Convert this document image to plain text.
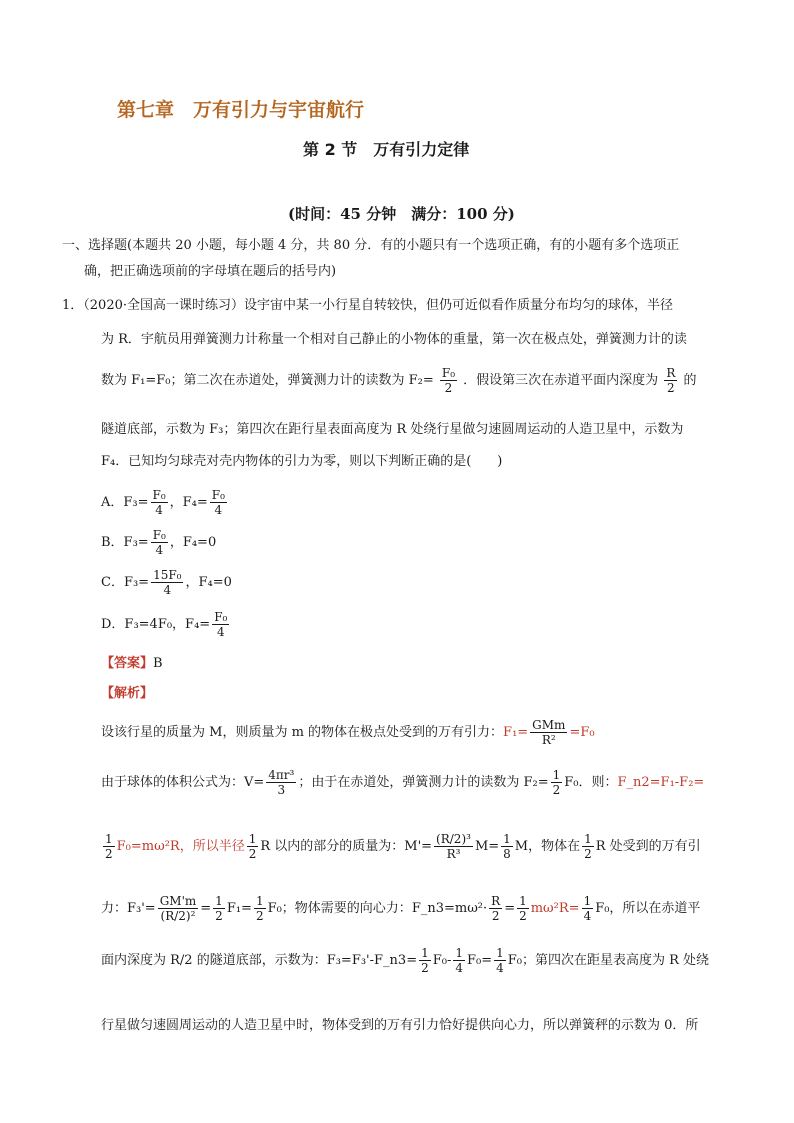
第七章　万有引力与宇宙航行
第 2 节　万有引力定律
(时间：45 分钟　满分：100 分)
一、选择题(本题共 20 小题，每小题 4 分，共 80 分．有的小题只有一个选项正确，有的小题有多个选项正
确，把正确选项前的字母填在题后的括号内)
1．（2020·全国高一课时练习）设宇宙中某一小行星自转较快，但仍可近似看作质量分布均匀的球体，半径
为 R．宇航员用弹簧测力计称量一个相对自己静止的小物体的重量，第一次在极点处，弹簧测力计的读
数为 F₁=F₀；第二次在赤道处，弹簧测力计的读数为 $F_2= \frac{\text{F₀}}{2}$ ．假设第三次在赤道平面内深度为 $\frac{R}{2}$ 的
隧道底部，示数为 F₃；第四次在距行星表面高度为 R 处绕行星做匀速圆周运动的人造卫星中，示数为
F₄．已知均匀球壳对壳内物体的引力为零，则以下判断正确的是(　　)
A．$F_3= \frac{\text{F₀}}{4}$ ，$F_4= \frac{\text{F₀}}{4}$
B．$F_3= \frac{\text{F₀}}{4}$ ，F₄=0
C．$F_3= \frac{\text{15F₀}}{4}$ ，F₄=0
D．F₃=4F₀，$F_4= \frac{\text{F₀}}{4}$
【答案】B
【解析】
设该行星的质量为 M，则质量为 m 的物体在极点处受到的万有引力：$F_1= \frac{\text{GMm}}{\text{R²}} =F_0$
由于球体的体积公式为：$V= \frac{\text{4πr³}}{3}$ ；由于在赤道处，弹簧测力计的读数为 $F_2= \frac{1}{2} F_0$．则：F_n2=F₁-F₂=
$\frac{1}{2} F_0=m\omega^2R$，所以半径 $\frac{1}{2}$ R 以内的部分的质量为：$M'= \frac{\text{(R/2)³}}{\text{R³}} M= \frac{1}{8}$ M，物体在 $\frac{1}{2}$ R 处受到的万有引
力：$F_3'= \frac{GM'm}{\text{(R/2)²}} = \frac{1}{2} F_1= \frac{1}{2} F_0$；物体需要的向心力：F_n3=mω²· $\frac{R}{2} = \frac{1}{2} m\omega^2R= \frac{1}{4} F_0$，所以在赤道平
面内深度为 R/2 的隧道底部，示数为：F₃=F₃'-F_n3= $\frac{1}{2} F_0- \frac{1}{4} F_0= \frac{1}{4} F_0$；第四次在距星表高度为 R 处绕
行星做匀速圆周运动的人造卫星中时，物体受到的万有引力恰好提供向心力，所以弹簧秤的示数为 0．所
